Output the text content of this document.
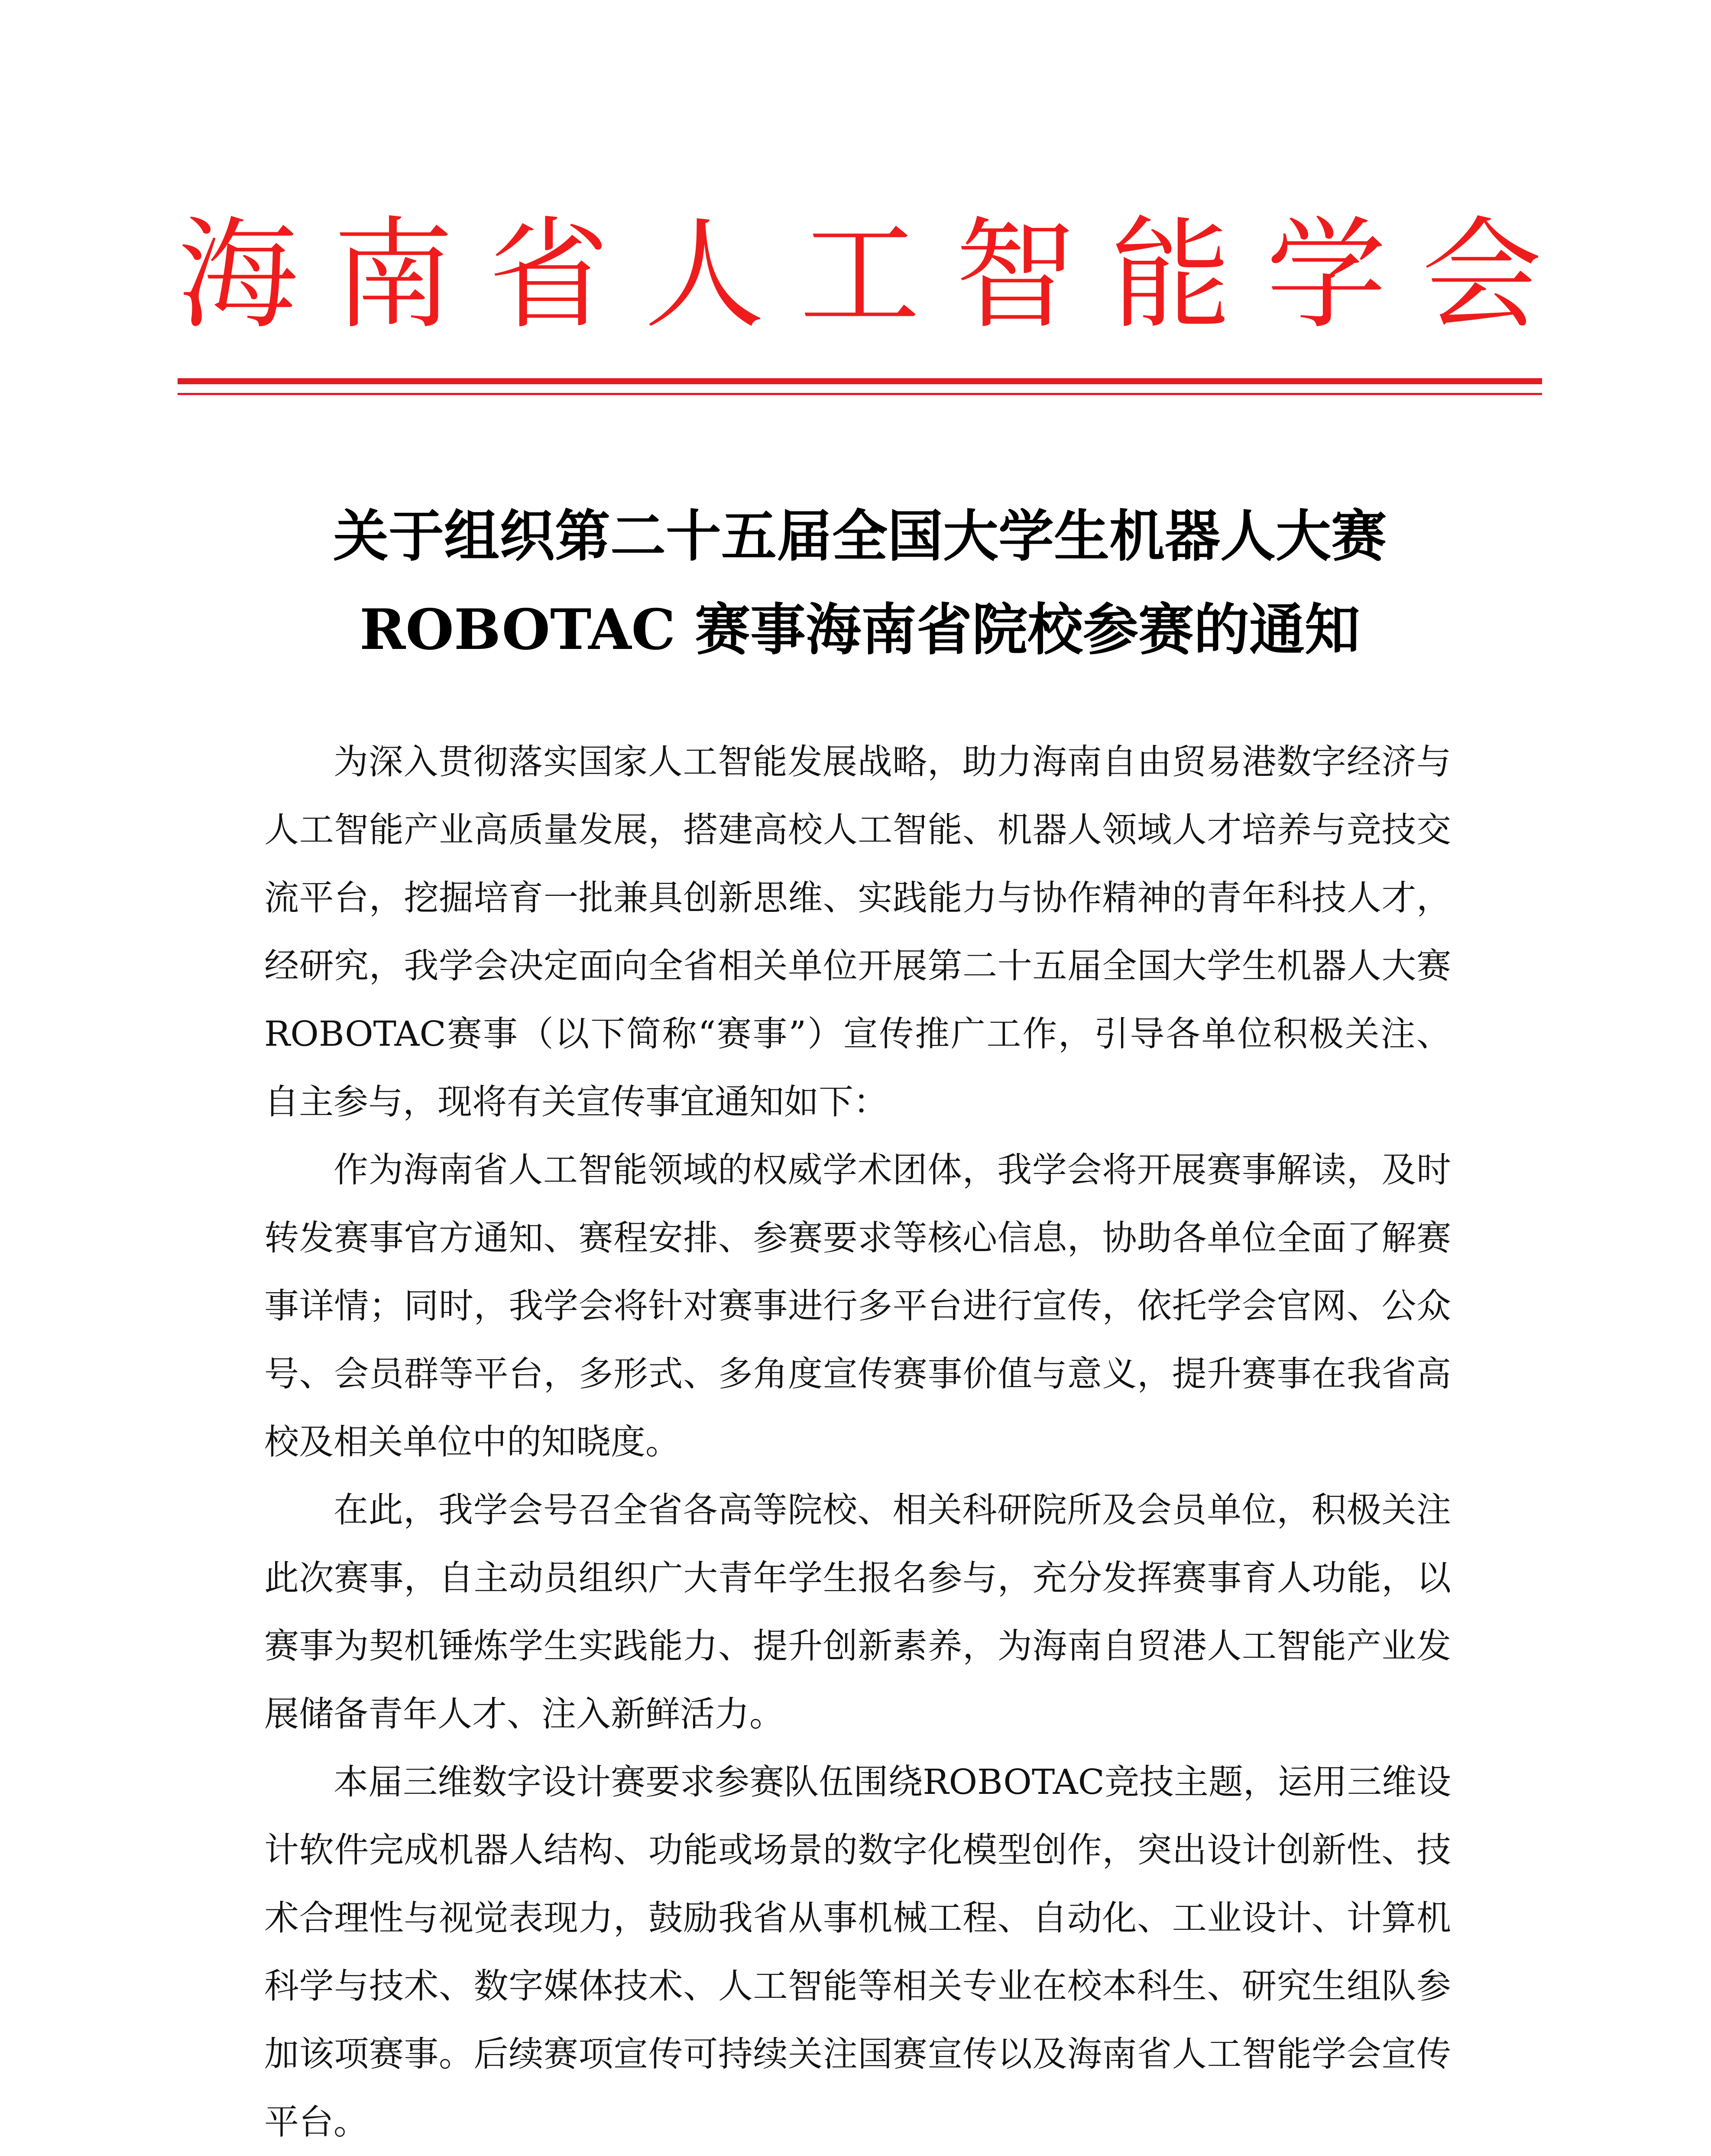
海 南 省 人 工 智 能 学 会
关于组织第二十五届全国大学生机器人大赛
ROBOTAC 赛事海南省院校参赛的通知

为深入贯彻落实国家人工智能发展战略，助力海南自由贸易港数字经济与人工智能产业高质量发展，搭建高校人工智能、机器人领域人才培养与竞技交流平台，挖掘培育一批兼具创新思维、实践能力与协作精神的青年科技人才，经研究，我学会决定面向全省相关单位开展第二十五届全国大学生机器人大赛ROBOTAC赛事（以下简称“赛事”）宣传推广工作，引导各单位积极关注、自主参与，现将有关宣传事宜通知如下：

作为海南省人工智能领域的权威学术团体，我学会将开展赛事解读，及时转发赛事官方通知、赛程安排、参赛要求等核心信息，协助各单位全面了解赛事详情；同时，我学会将针对赛事进行多平台进行宣传，依托学会官网、公众号、会员群等平台，多形式、多角度宣传赛事价值与意义，提升赛事在我省高校及相关单位中的知晓度。

在此，我学会号召全省各高等院校、相关科研院所及会员单位，积极关注此次赛事，自主动员组织广大青年学生报名参与，充分发挥赛事育人功能，以赛事为契机锤炼学生实践能力、提升创新素养，为海南自贸港人工智能产业发展储备青年人才、注入新鲜活力。

本届三维数字设计赛要求参赛队伍围绕ROBOTAC竞技主题，运用三维设计软件完成机器人结构、功能或场景的数字化模型创作，突出设计创新性、技术合理性与视觉表现力，鼓励我省从事机械工程、自动化、工业设计、计算机科学与技术、数字媒体技术、人工智能等相关专业在校本科生、研究生组队参加该项赛事。后续赛项宣传可持续关注国赛宣传以及海南省人工智能学会宣传平台。
